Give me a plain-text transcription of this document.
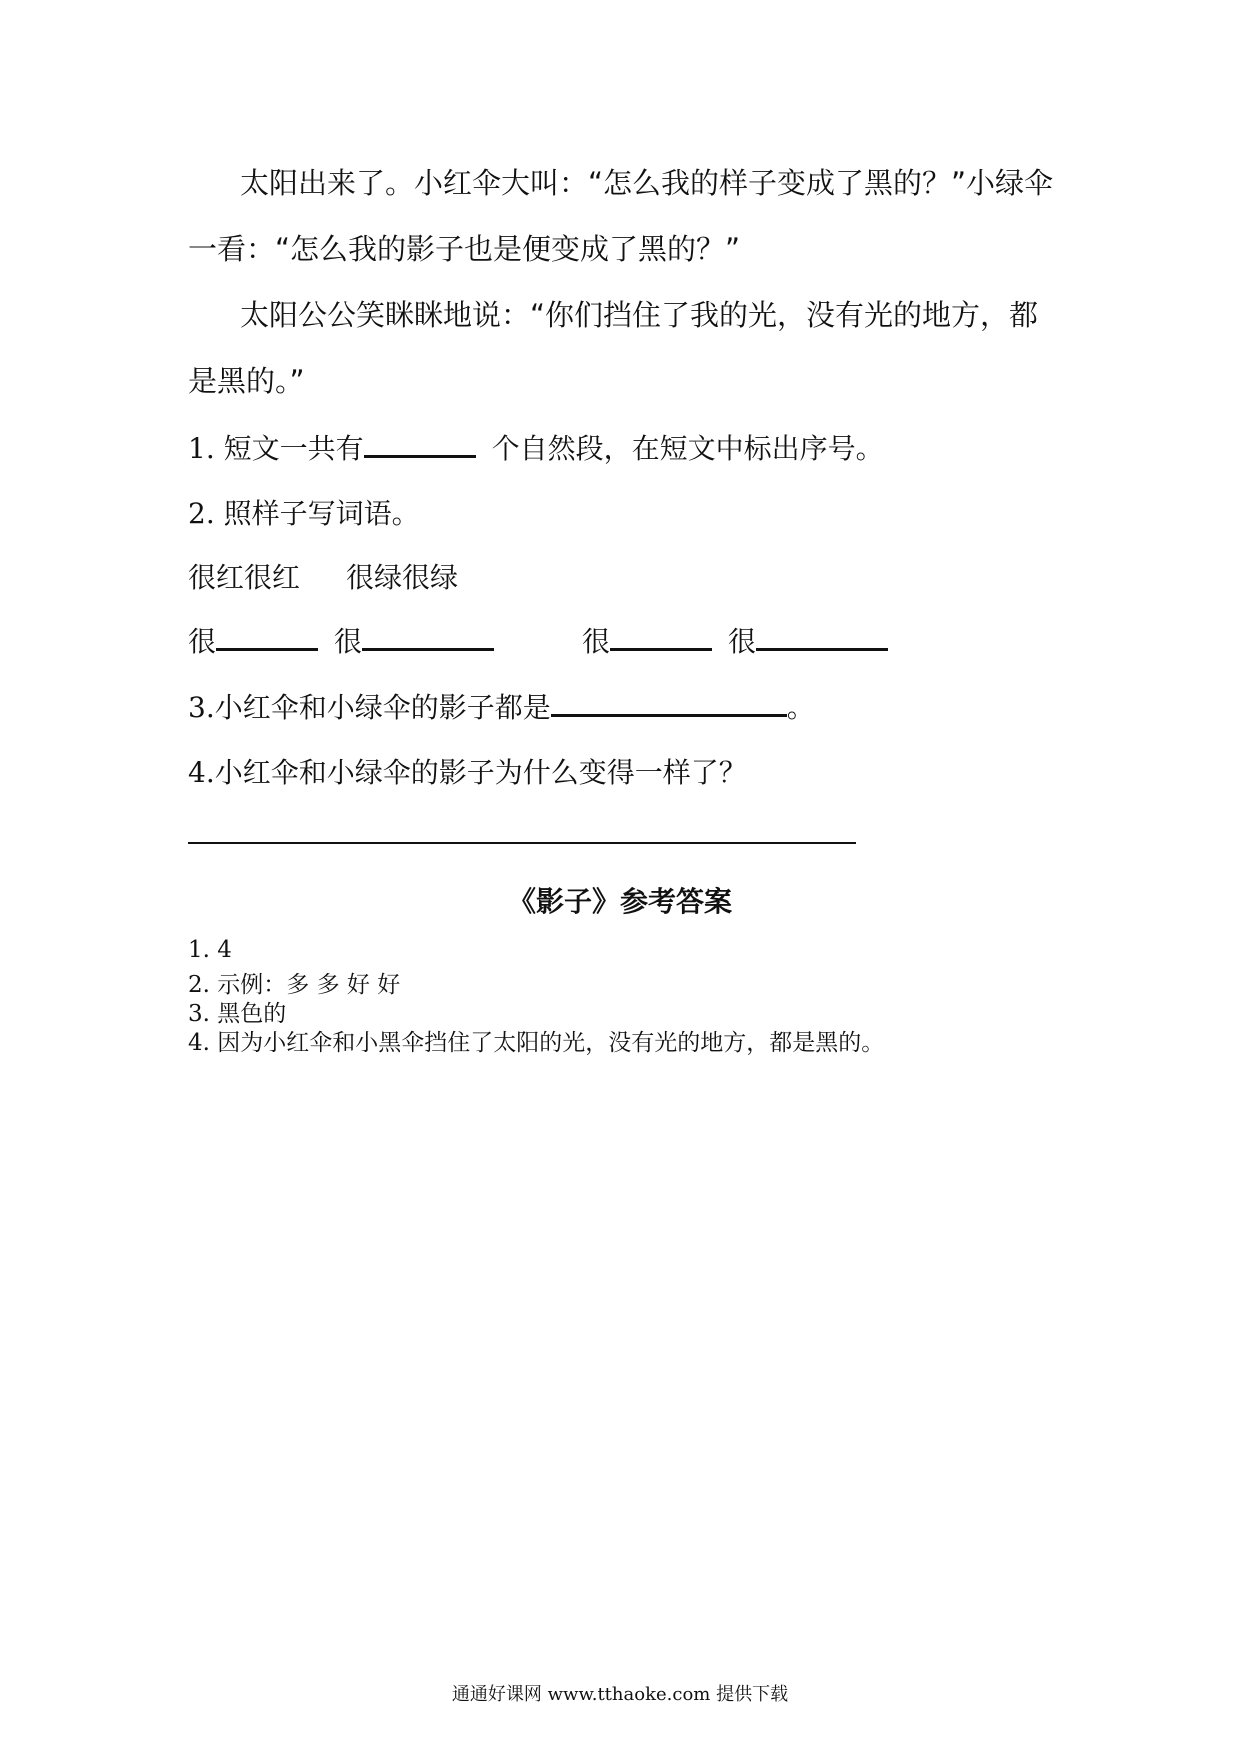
太阳出来了。小红伞大叫：“怎么我的样子变成了黑的？”小绿伞一看：“怎么我的影子也是便变成了黑的？”

太阳公公笑眯眯地说：“你们挡住了我的光，没有光的地方，都是黑的。”

1. 短文一共有	个自然段，在短文中标出序号。

2. 照样子写词语。

很红很红 很绿很绿

很	很	很	很

3.小红伞和小绿伞的影子都是	。

4.小红伞和小绿伞的影子为什么变得一样了？

《影子》参考答案

1. 4

2. 示例：多 多 好 好

3. 黑色的

4. 因为小红伞和小黑伞挡住了太阳的光，没有光的地方，都是黑的。

通通好课网 www.tthaoke.com 提供下载
